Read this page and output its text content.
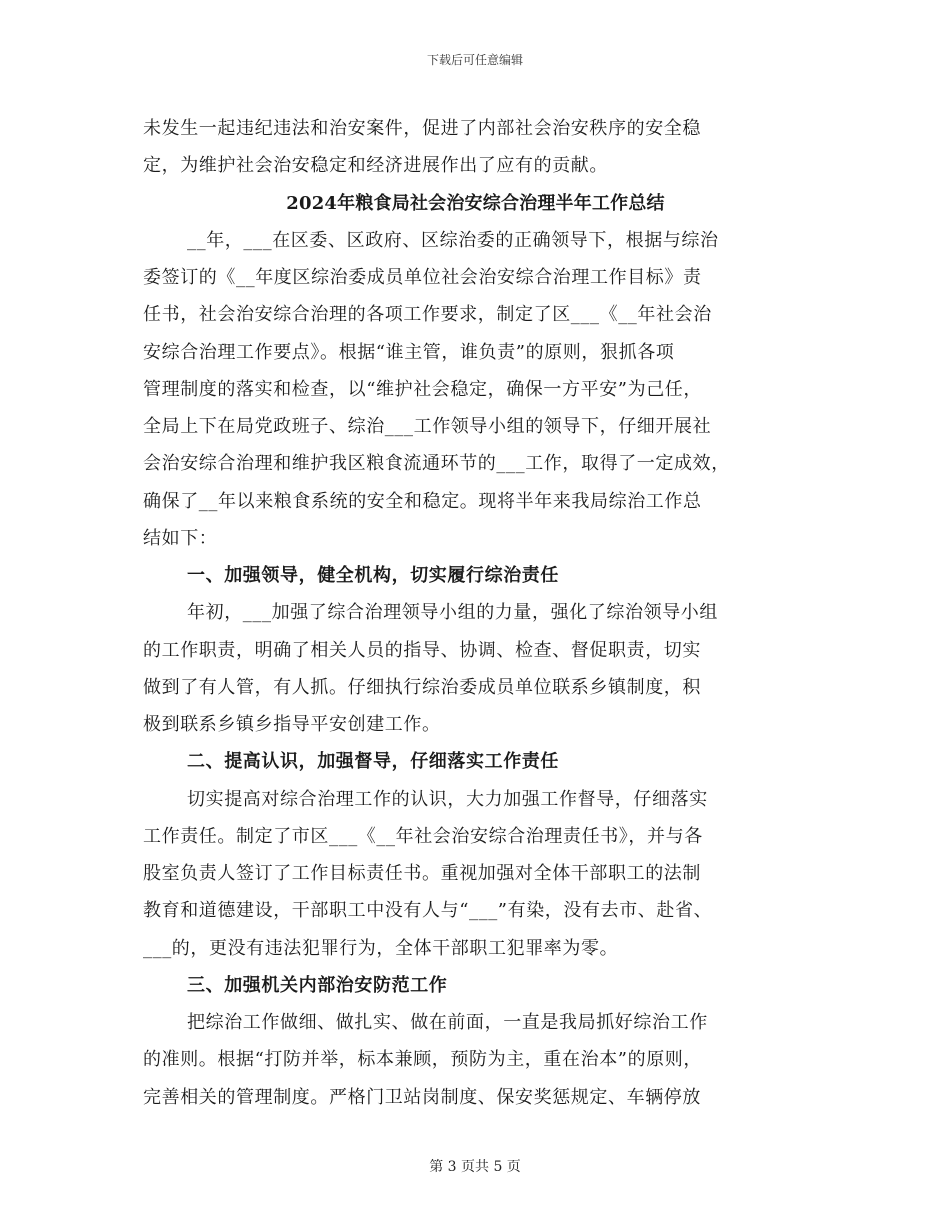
下载后可任意编辑
未发生一起违纪违法和治安案件，促进了内部社会治安秩序的安全稳
定，为维护社会治安稳定和经济进展作出了应有的贡献。
2024年粮食局社会治安综合治理半年工作总结
__年，___在区委、区政府、区综治委的正确领导下，根据与综治
委签订的《__年度区综治委成员单位社会治安综合治理工作目标》责
任书，社会治安综合治理的各项工作要求，制定了区___《__年社会治
安综合治理工作要点》。根据“谁主管，谁负责”的原则，狠抓各项
管理制度的落实和检查，以“维护社会稳定，确保一方平安”为己任，
全局上下在局党政班子、综治___工作领导小组的领导下，仔细开展社
会治安综合治理和维护我区粮食流通环节的___工作，取得了一定成效，
确保了__年以来粮食系统的安全和稳定。现将半年来我局综治工作总
结如下：
一、加强领导，健全机构，切实履行综治责任
年初，___加强了综合治理领导小组的力量，强化了综治领导小组
的工作职责，明确了相关人员的指导、协调、检查、督促职责，切实
做到了有人管，有人抓。仔细执行综治委成员单位联系乡镇制度，积
极到联系乡镇乡指导平安创建工作。
二、提高认识，加强督导，仔细落实工作责任
切实提高对综合治理工作的认识，大力加强工作督导，仔细落实
工作责任。制定了市区___《__年社会治安综合治理责任书》，并与各
股室负责人签订了工作目标责任书。重视加强对全体干部职工的法制
教育和道德建设，干部职工中没有人与“___”有染，没有去市、赴省、
___的，更没有违法犯罪行为，全体干部职工犯罪率为零。
三、加强机关内部治安防范工作
把综治工作做细、做扎实、做在前面，一直是我局抓好综治工作
的准则。根据“打防并举，标本兼顾，预防为主，重在治本”的原则，
完善相关的管理制度。严格门卫站岗制度、保安奖惩规定、车辆停放
第 3 页共 5 页
